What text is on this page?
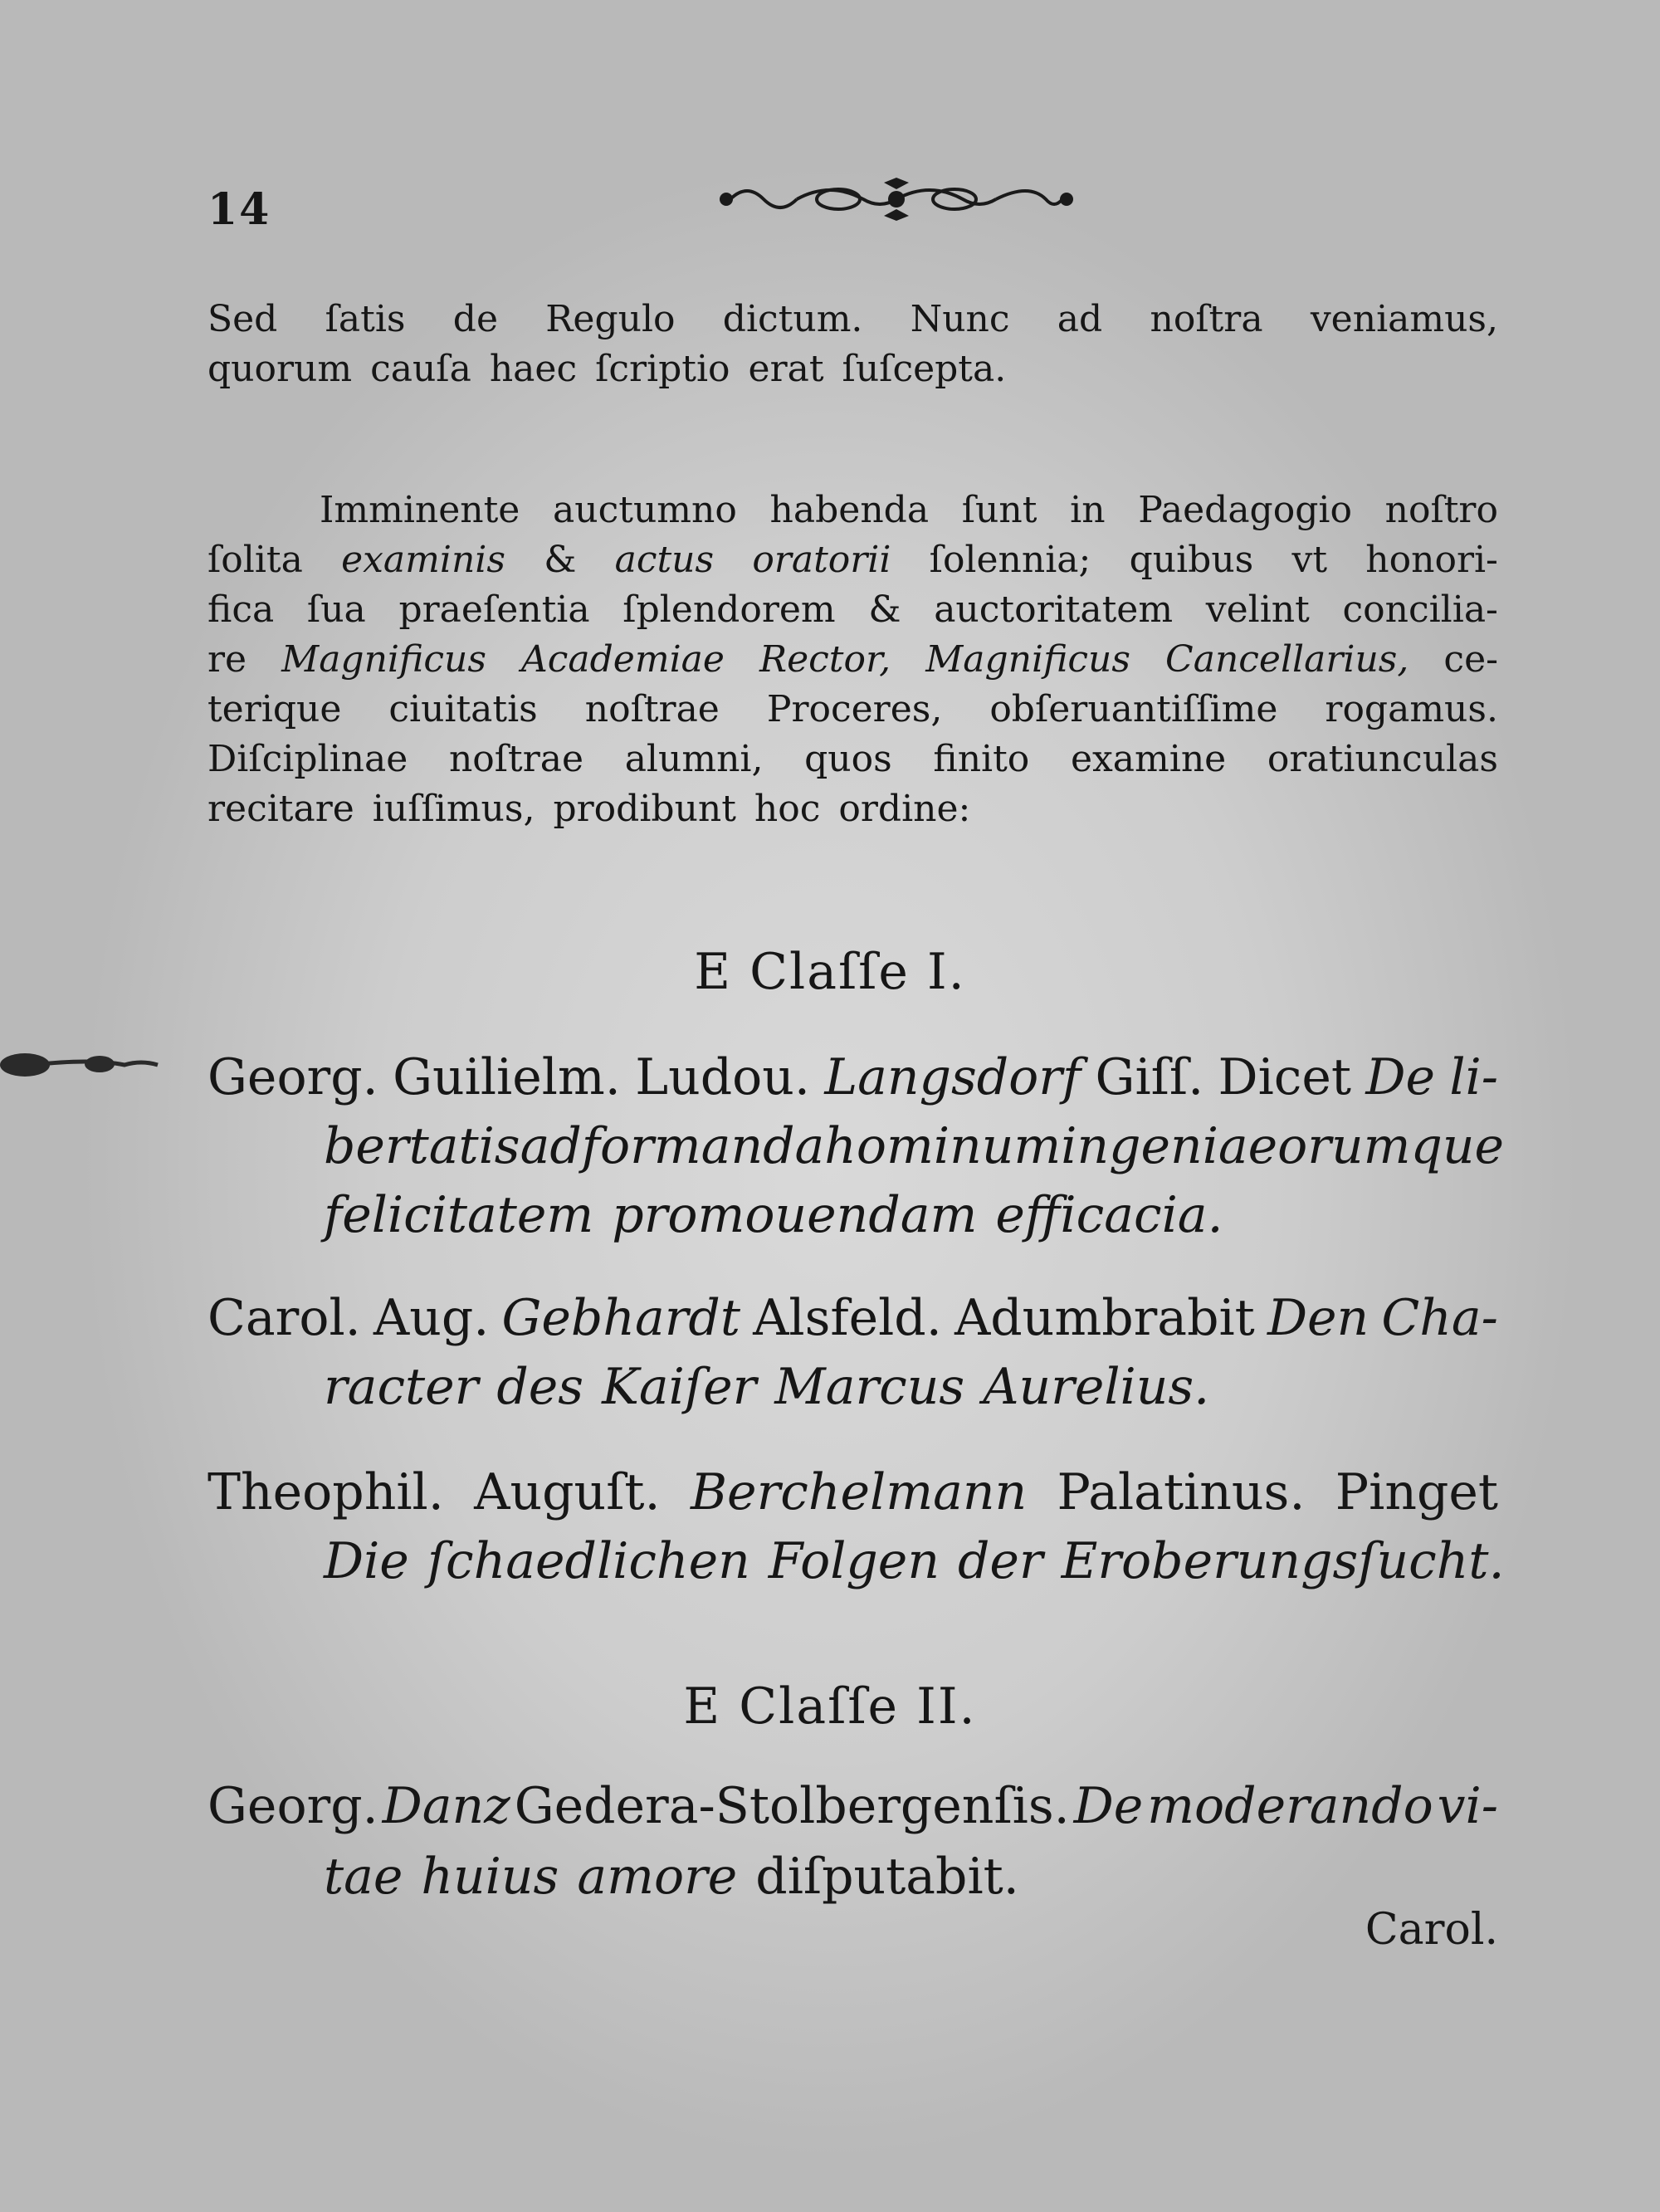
14
Sed ſatis de Regulo dictum. Nunc ad noſtra veniamus,
quorum cauſa haec ſcriptio erat ſuſcepta.
Imminente auctumno habenda ſunt in Paedagogio noſtro
ſolita examinis & actus oratorii ſolennia; quibus vt honori-
fica ſua praeſentia ſplendorem & auctoritatem velint concilia-
re Magnificus Academiae Rector, Magnificus Cancellarius, ce-
terique ciuitatis noſtrae Proceres, obſeruantiſſime rogamus.
Diſciplinae noſtrae alumni, quos finito examine oratiunculas
recitare iuſſimus, prodibunt hoc ordine:
E Claſſe I.
Georg. Guilielm. Ludou. Langsdorf Giſſ. Dicet De li-
bertatis ad formanda hominum ingenia eorumque
felicitatem promouendam efficacia.
Carol. Aug. Gebhardt Alsfeld. Adumbrabit Den Cha-
racter des Kaiſer Marcus Aurelius.
Theophil. Auguſt. Berchelmann Palatinus. Pinget
Die ſchaedlichen Folgen der Eroberungsſucht.
E Claſſe II.
Georg. Danz Gedera-Stolbergenſis. De moderando vi-
tae huius amore diſputabit.
Carol.
